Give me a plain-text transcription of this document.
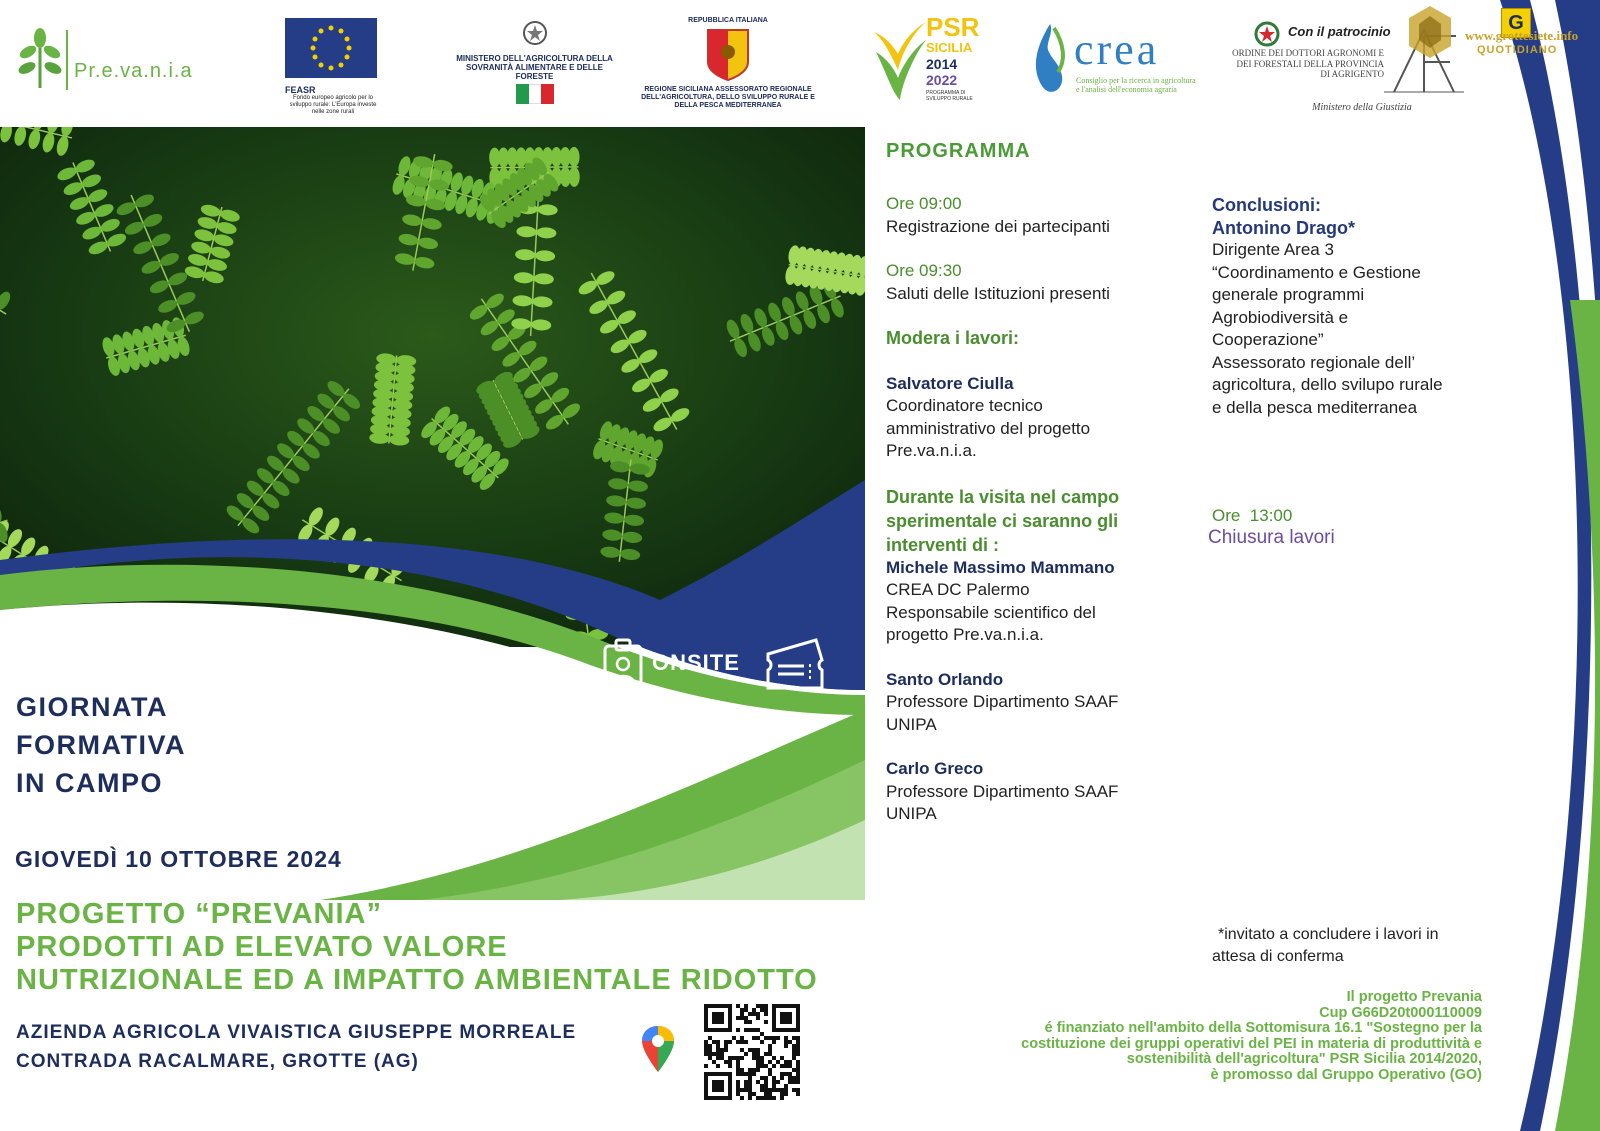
Pr.e.va.n.i.a
FEASR
Fondo europeo agricolo per lo sviluppo rurale: L'Europa investe nelle zone rurali
MINISTERO DELL'AGRICOLTURA DELLA SOVRANITÀ ALIMENTARE E DELLE FORESTE
REPUBBLICA ITALIANA
REGIONE SICILIANA ASSESSORATO REGIONALE DELL'AGRICOLTURA, DELLO SVILUPPO RURALE E DELLA PESCA MEDITERRANEA
PSR
SICILIA
2014
2022
PROGRAMMA DI SVILUPPO RURALE
crea
Consiglio per la ricerca in agricoltura e l'analisi dell'economia agraria
Con il patrocinio
ORDINE DEI DOTTORI AGRONOMI E DEI FORESTALI DELLA PROVINCIA DI AGRIGENTO
Ministero della Giustizia
G
www.grottesiete.info
QUOTIDIANO
ONSITE
GIORNATA
FORMATIVA
IN CAMPO
GIOVEDÌ 10 OTTOBRE 2024
PROGETTO “PREVANIA”
PRODOTTI AD ELEVATO VALORE
NUTRIZIONALE ED A IMPATTO AMBIENTALE RIDOTTO
AZIENDA AGRICOLA VIVAISTICA GIUSEPPE MORREALE
CONTRADA RACALMARE, GROTTE (AG)
PROGRAMMA
Ore 09:00
Registrazione dei partecipanti
Ore 09:30
Saluti delle Istituzioni presenti
Modera i lavori:
Salvatore Ciulla
Coordinatore tecnico
amministrativo del progetto
Pre.va.n.i.a.
Durante la visita nel campo
sperimentale ci saranno gli
interventi di :
Michele Massimo Mammano
CREA DC Palermo
Responsabile scientifico del
progetto Pre.va.n.i.a.
Santo Orlando
Professore Dipartimento SAAF
UNIPA
Carlo Greco
Professore Dipartimento SAAF
UNIPA
Conclusioni:
Antonino Drago*
Dirigente Area 3
“Coordinamento e Gestione
generale programmi
Agrobiodiversità e
Cooperazione”
Assessorato regionale dell’
agricoltura, dello svilupo rurale
e della pesca mediterranea
Ore  13:00
Chiusura lavori
*invitato a concludere i lavori in
attesa di conferma
Il progetto Prevania
Cup G66D20t000110009
é finanziato nell'ambito della Sottomisura 16.1 "Sostegno per la
costituzione dei gruppi operativi del PEI in materia di produttività e
sostenibilità dell'agricoltura" PSR Sicilia 2014/2020,
è promosso dal Gruppo Operativo (GO)
